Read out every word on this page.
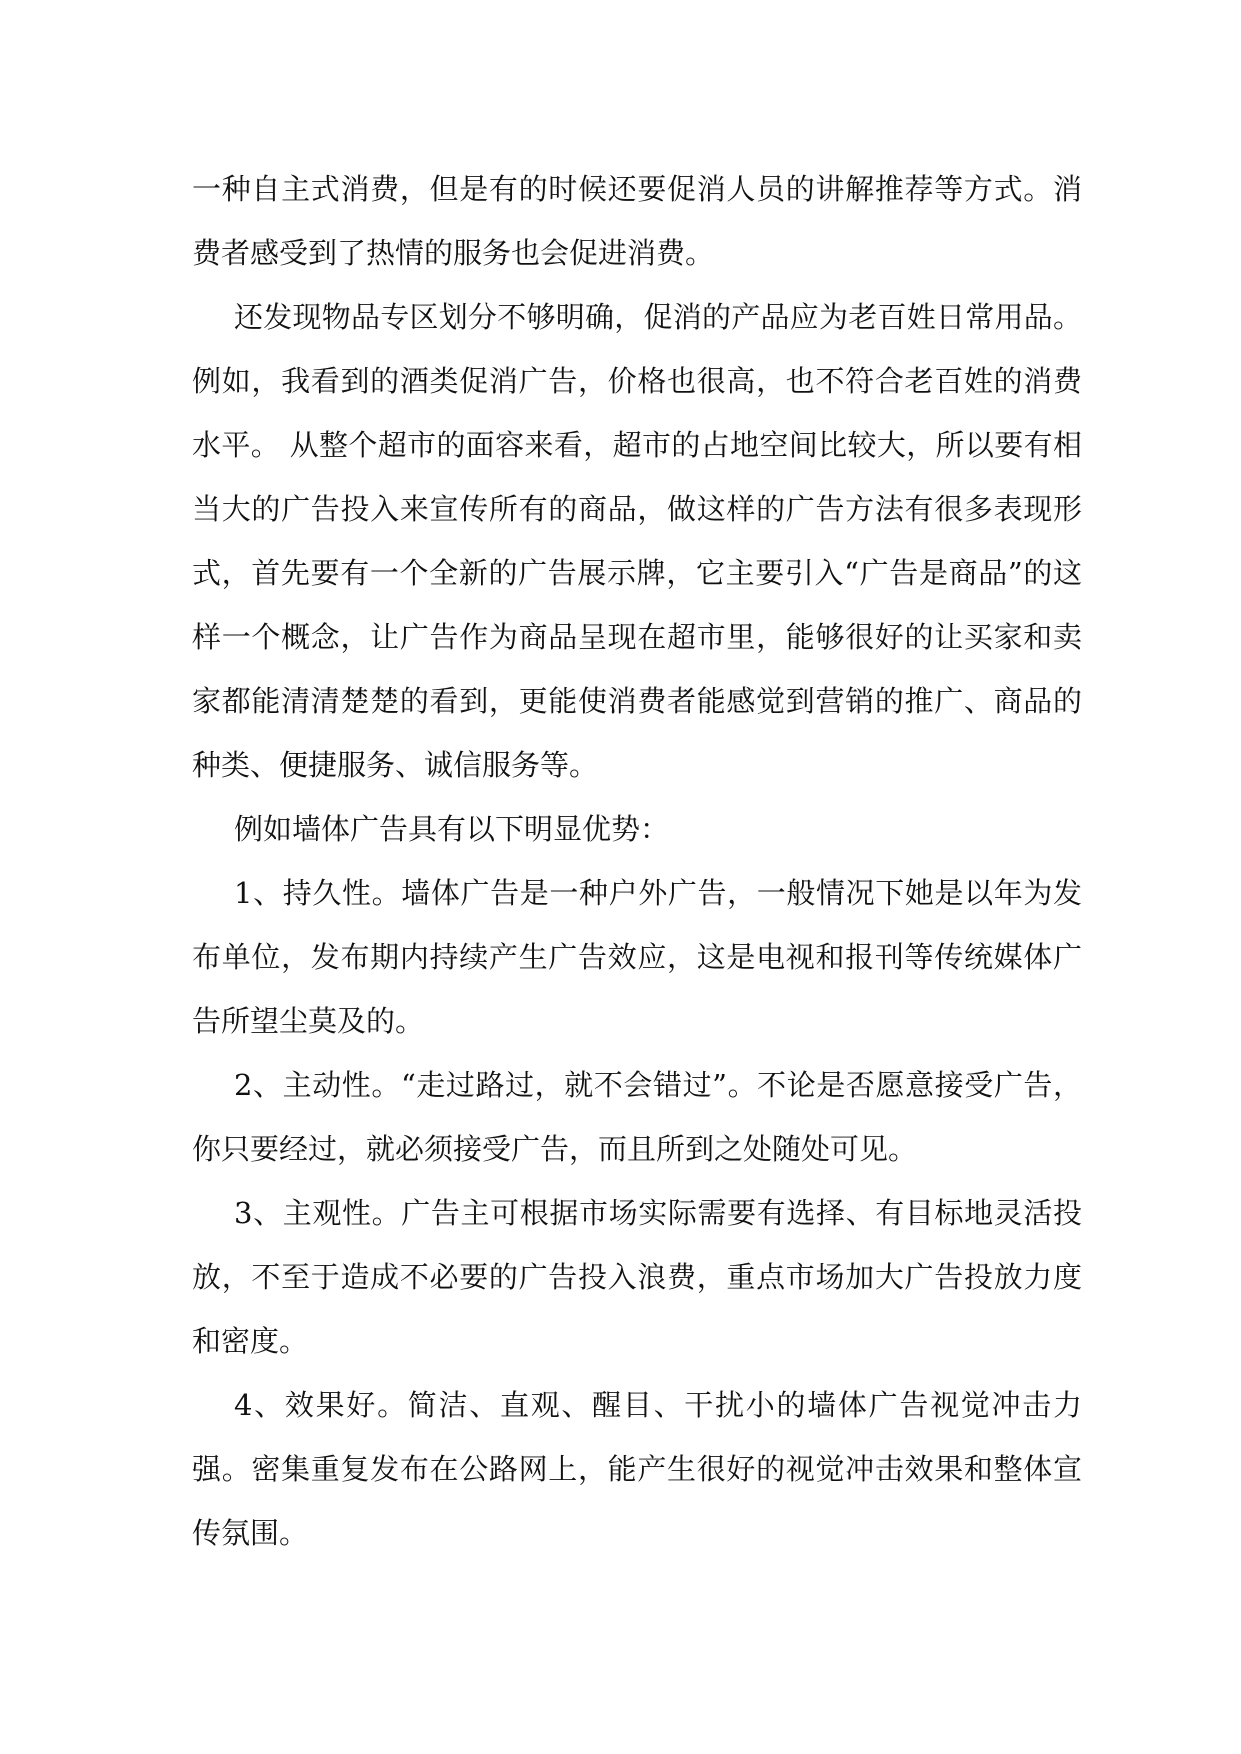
一种自主式消费，但是有的时候还要促消人员的讲解推荐等方式。消费者感受到了热情的服务也会促进消费。

还发现物品专区划分不够明确，促消的产品应为老百姓日常用品。例如，我看到的酒类促消广告，价格也很高，也不符合老百姓的消费水平。 从整个超市的面容来看，超市的占地空间比较大，所以要有相当大的广告投入来宣传所有的商品，做这样的广告方法有很多表现形式，首先要有一个全新的广告展示牌，它主要引入“广告是商品”的这样一个概念，让广告作为商品呈现在超市里，能够很好的让买家和卖家都能清清楚楚的看到，更能使消费者能感觉到营销的推广、商品的种类、便捷服务、诚信服务等。

例如墙体广告具有以下明显优势：

1、持久性。墙体广告是一种户外广告，一般情况下她是以年为发布单位，发布期内持续产生广告效应，这是电视和报刊等传统媒体广告所望尘莫及的。

2、主动性。“走过路过，就不会错过”。不论是否愿意接受广告，你只要经过，就必须接受广告，而且所到之处随处可见。

3、主观性。广告主可根据市场实际需要有选择、有目标地灵活投放，不至于造成不必要的广告投入浪费，重点市场加大广告投放力度和密度。

4、效果好。简洁、直观、醒目、干扰小的墙体广告视觉冲击力强。密集重复发布在公路网上，能产生很好的视觉冲击效果和整体宣传氛围。
